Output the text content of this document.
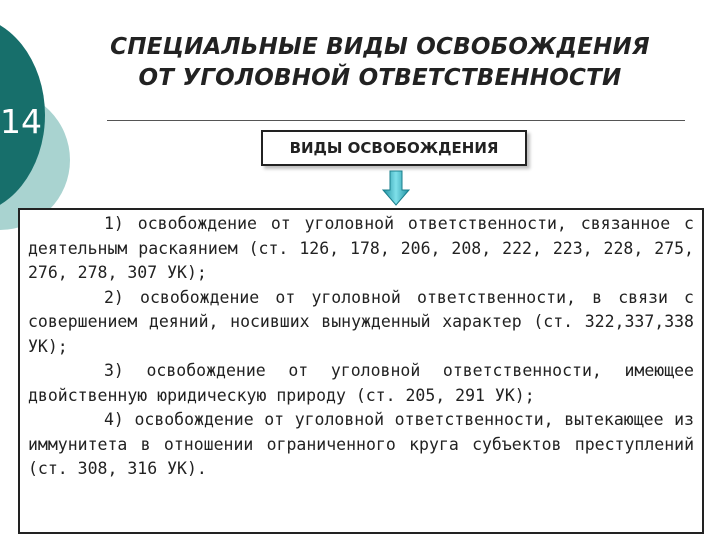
14
СПЕЦИАЛЬНЫЕ ВИДЫ ОСВОБОЖДЕНИЯ
ОТ УГОЛОВНОЙ ОТВЕТСТВЕННОСТИ
ВИДЫ ОСВОБОЖДЕНИЯ

1) освобождение от уголовной ответственности, связанное с деятельным раскаянием (ст. 126, 178, 206, 208, 222, 223, 228, 275, 276, 278, 307 УК);

2) освобождение от уголовной ответственности, в связи с совершением деяний, носивших вынужденный характер (ст. 322,337,338 УК);

3) освобождение от уголовной ответственности, имеющее двойственную юридическую природу (ст. 205, 291 УК);

4) освобождение от уголовной ответственности, вытекающее из иммунитета в отношении ограниченного круга субъектов преступлений (ст. 308, 316 УК).
